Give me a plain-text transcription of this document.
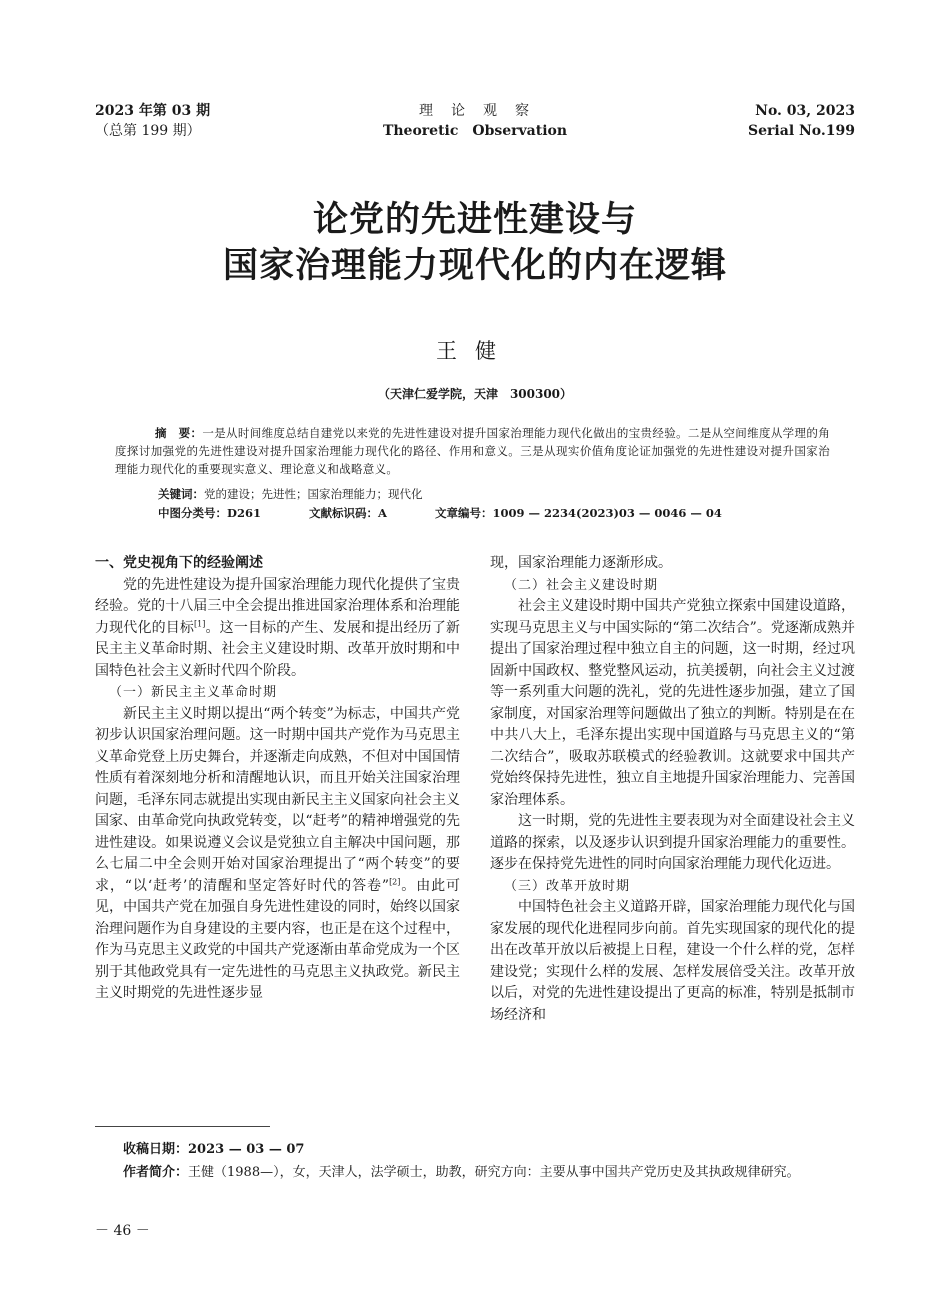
2023 年第 03 期
（总第 199 期）
理　论　观　察
Theoretic　Observation
No. 03, 2023
Serial No.199
论党的先进性建设与
国家治理能力现代化的内在逻辑
王健
（天津仁爱学院，天津　300300）
摘　要：一是从时间维度总结自建党以来党的先进性建设对提升国家治理能力现代化做出的宝贵经验。二是从空间维度从学理的角度探讨加强党的先进性建设对提升国家治理能力现代化的路径、作用和意义。三是从现实价值角度论证加强党的先进性建设对提升国家治理能力现代化的重要现实意义、理论意义和战略意义。
关键词：党的建设；先进性；国家治理能力；现代化
中图分类号：D261	文献标识码：A	文章编号：1009 — 2234(2023)03 — 0046 — 04
一、党史视角下的经验阐述

党的先进性建设为提升国家治理能力现代化提供了宝贵经验。党的十八届三中全会提出推进国家治理体系和治理能力现代化的目标[1]。这一目标的产生、发展和提出经历了新民主主义革命时期、社会主义建设时期、改革开放时期和中国特色社会主义新时代四个阶段。

（一）新民主主义革命时期

新民主主义时期以提出“两个转变”为标志，中国共产党初步认识国家治理问题。这一时期中国共产党作为马克思主义革命党登上历史舞台，并逐渐走向成熟，不但对中国国情性质有着深刻地分析和清醒地认识，而且开始关注国家治理问题，毛泽东同志就提出实现由新民主主义国家向社会主义国家、由革命党向执政党转变，以“赶考”的精神增强党的先进性建设。如果说遵义会议是党独立自主解决中国问题，那么七届二中全会则开始对国家治理提出了“两个转变”的要求，“以‘赶考’的清醒和坚定答好时代的答卷”[2]。由此可见，中国共产党在加强自身先进性建设的同时，始终以国家治理问题作为自身建设的主要内容，也正是在这个过程中，作为马克思主义政党的中国共产党逐渐由革命党成为一个区别于其他政党具有一定先进性的马克思主义执政党。新民主主义时期党的先进性逐步显

现，国家治理能力逐渐形成。

（二）社会主义建设时期

社会主义建设时期中国共产党独立探索中国建设道路，实现马克思主义与中国实际的“第二次结合”。党逐渐成熟并提出了国家治理过程中独立自主的问题，这一时期，经过巩固新中国政权、整党整风运动，抗美援朝，向社会主义过渡等一系列重大问题的洗礼，党的先进性逐步加强，建立了国家制度，对国家治理等问题做出了独立的判断。特别是在在中共八大上，毛泽东提出实现中国道路与马克思主义的“第二次结合”，吸取苏联模式的经验教训。这就要求中国共产党始终保持先进性，独立自主地提升国家治理能力、完善国家治理体系。

这一时期，党的先进性主要表现为对全面建设社会主义道路的探索，以及逐步认识到提升国家治理能力的重要性。逐步在保持党先进性的同时向国家治理能力现代化迈进。

（三）改革开放时期

中国特色社会主义道路开辟，国家治理能力现代化与国家发展的现代化进程同步向前。首先实现国家的现代化的提出在改革开放以后被提上日程，建设一个什么样的党，怎样建设党；实现什么样的发展、怎样发展倍受关注。改革开放以后，对党的先进性建设提出了更高的标准，特别是抵制市场经济和

收稿日期：2023 — 03 — 07
作者简介：王健（1988—），女，天津人，法学硕士，助教，研究方向：主要从事中国共产党历史及其执政规律研究。
－ 46 －
